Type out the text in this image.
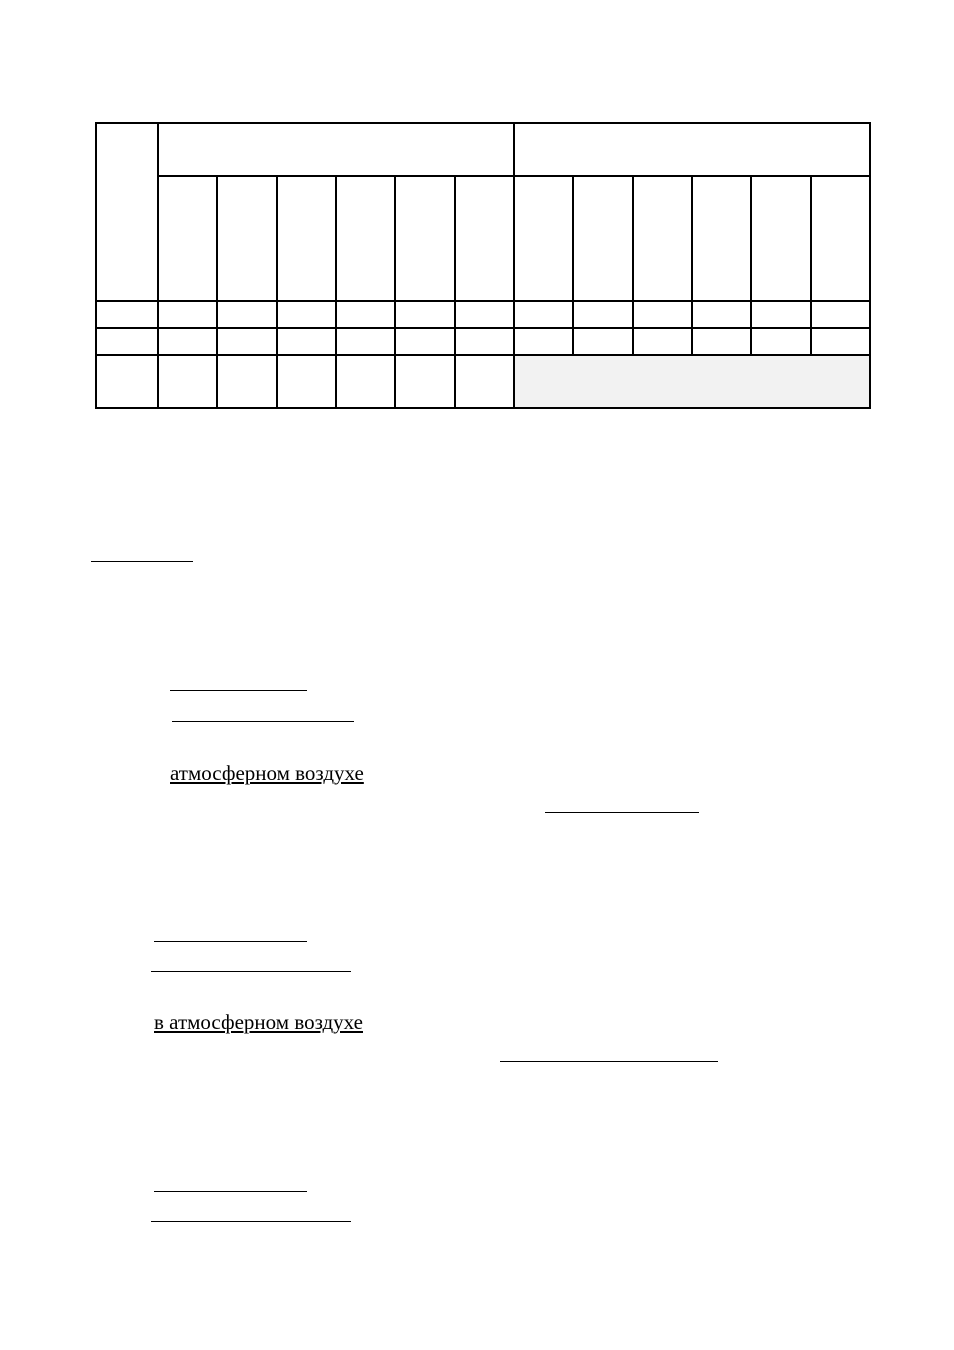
атмосферном воздухе
в атмосферном воздухе
